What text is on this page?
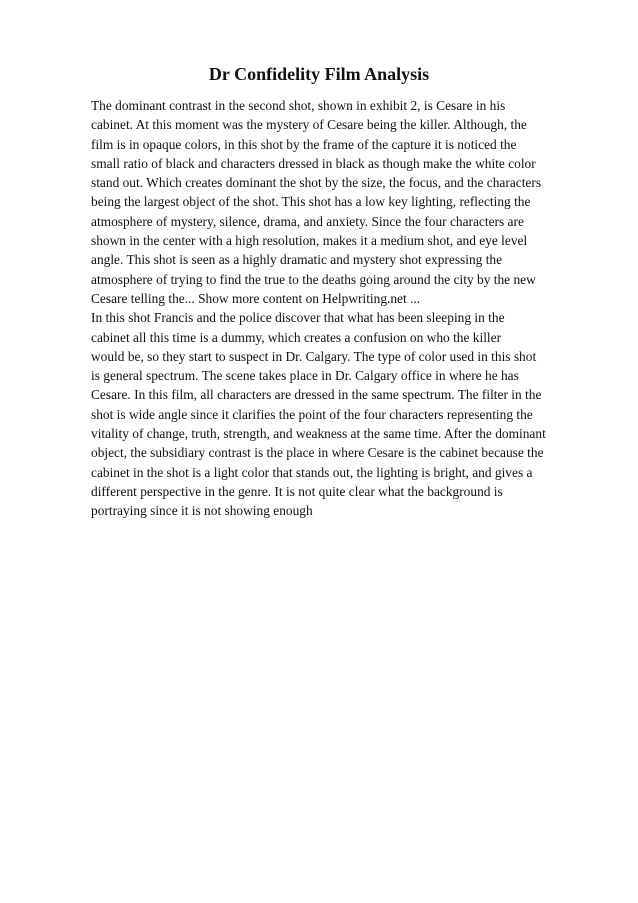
Dr Confidelity Film Analysis
The dominant contrast in the second shot, shown in exhibit 2, is Cesare in his
cabinet. At this moment was the mystery of Cesare being the killer. Although, the
film is in opaque colors, in this shot by the frame of the capture it is noticed the
small ratio of black and characters dressed in black as though make the white color
stand out. Which creates dominant the shot by the size, the focus, and the characters
being the largest object of the shot. This shot has a low key lighting, reflecting the
atmosphere of mystery, silence, drama, and anxiety. Since the four characters are
shown in the center with a high resolution, makes it a medium shot, and eye level
angle. This shot is seen as a highly dramatic and mystery shot expressing the
atmosphere of trying to find the true to the deaths going around the city by the new
Cesare telling the... Show more content on Helpwriting.net ...
In this shot Francis and the police discover that what has been sleeping in the
cabinet all this time is a dummy, which creates a confusion on who the killer
would be, so they start to suspect in Dr. Calgary. The type of color used in this shot
is general spectrum. The scene takes place in Dr. Calgary office in where he has
Cesare. In this film, all characters are dressed in the same spectrum. The filter in the
shot is wide angle since it clarifies the point of the four characters representing the
vitality of change, truth, strength, and weakness at the same time. After the dominant
object, the subsidiary contrast is the place in where Cesare is the cabinet because the
cabinet in the shot is a light color that stands out, the lighting is bright, and gives a
different perspective in the genre. It is not quite clear what the background is
portraying since it is not showing enough
